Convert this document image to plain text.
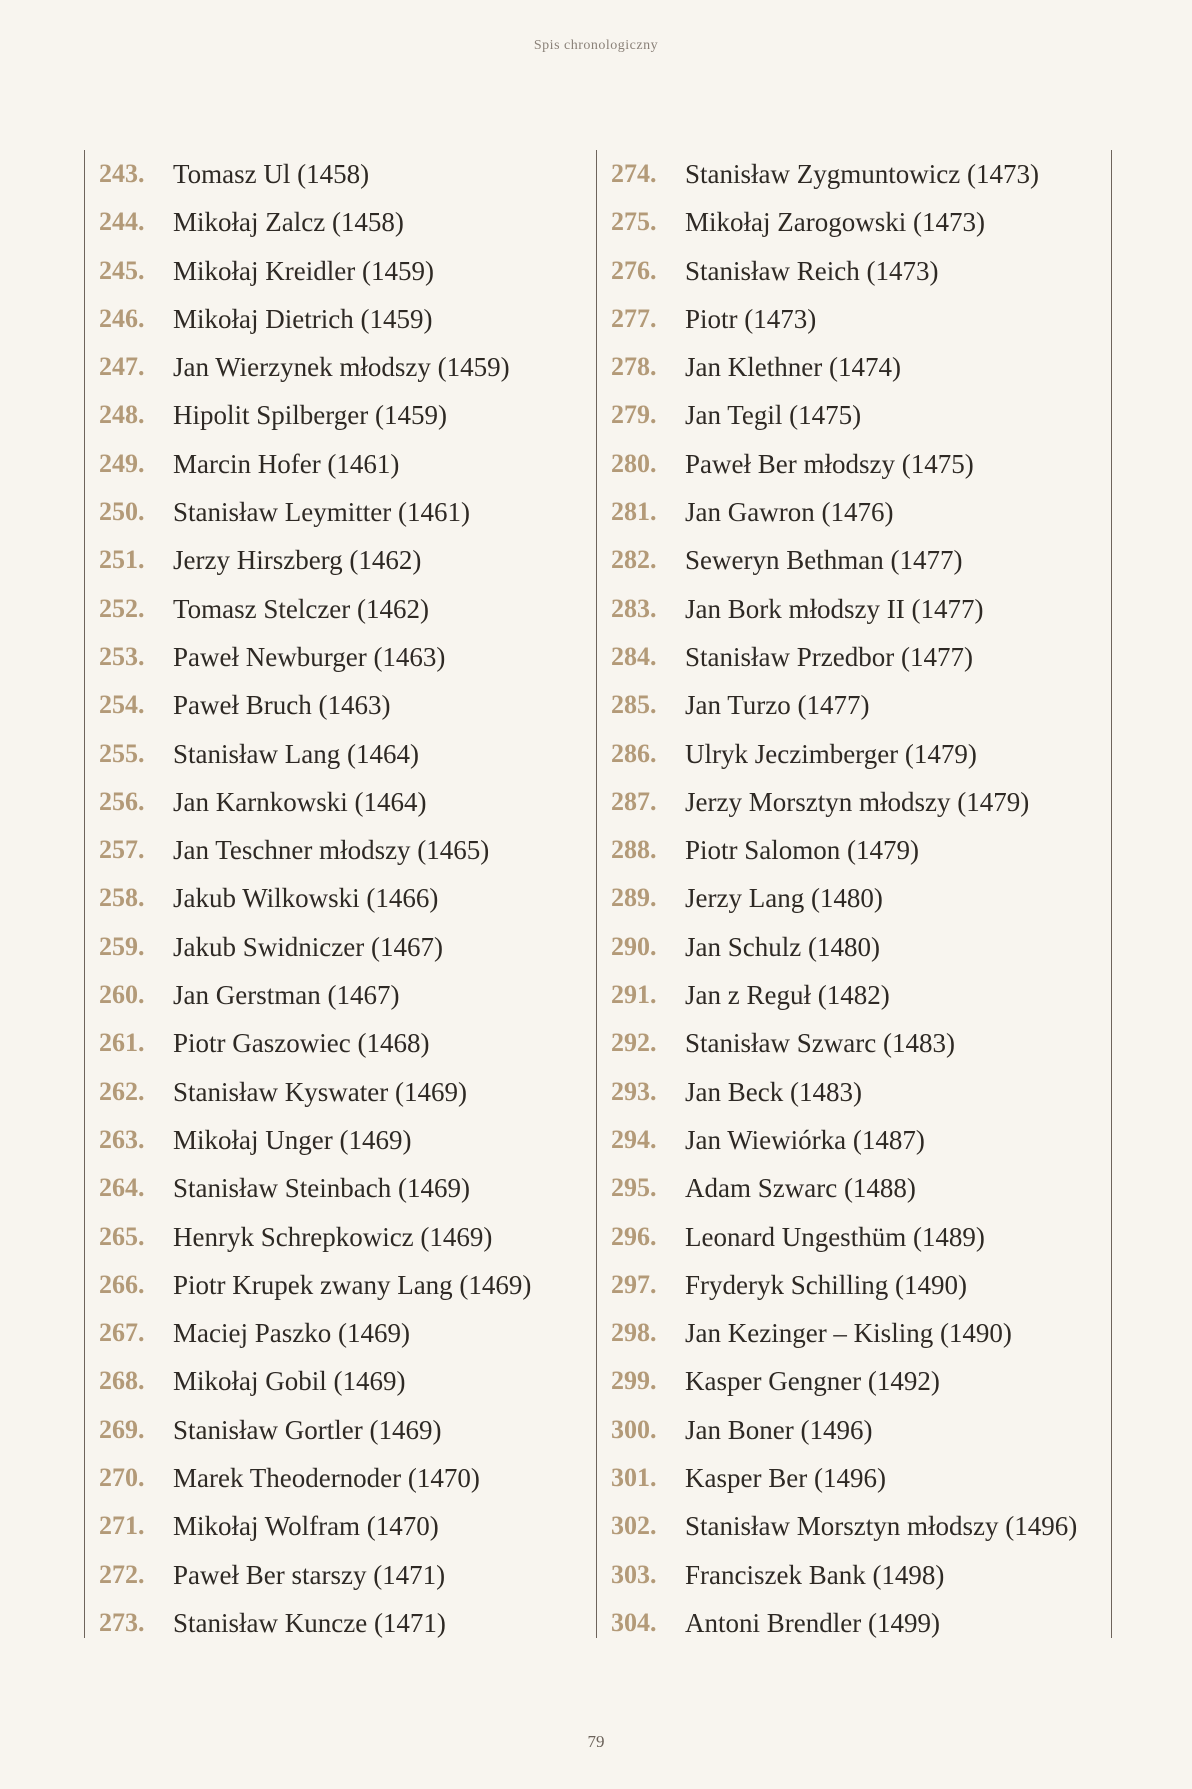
Spis chronologiczny
243.	Tomasz Ul (1458)
244.	Mikołaj Zalcz (1458)
245.	Mikołaj Kreidler (1459)
246.	Mikołaj Dietrich (1459)
247.	Jan Wierzynek młodszy (1459)
248.	Hipolit Spilberger (1459)
249.	Marcin Hofer (1461)
250.	Stanisław Leymitter (1461)
251.	Jerzy Hirszberg (1462)
252.	Tomasz Stelczer (1462)
253.	Paweł Newburger (1463)
254.	Paweł Bruch (1463)
255.	Stanisław Lang (1464)
256.	Jan Karnkowski (1464)
257.	Jan Teschner młodszy (1465)
258.	Jakub Wilkowski (1466)
259.	Jakub Swidniczer (1467)
260.	Jan Gerstman (1467)
261.	Piotr Gaszowiec (1468)
262.	Stanisław Kyswater (1469)
263.	Mikołaj Unger (1469)
264.	Stanisław Steinbach (1469)
265.	Henryk Schrepkowicz (1469)
266.	Piotr Krupek zwany Lang (1469)
267.	Maciej Paszko (1469)
268.	Mikołaj Gobil (1469)
269.	Stanisław Gortler (1469)
270.	Marek Theodernoder (1470)
271.	Mikołaj Wolfram (1470)
272.	Paweł Ber starszy (1471)
273.	Stanisław Kuncze (1471)
274.	Stanisław Zygmuntowicz (1473)
275.	Mikołaj Zarogowski (1473)
276.	Stanisław Reich (1473)
277.	Piotr (1473)
278.	Jan Klethner (1474)
279.	Jan Tegil (1475)
280.	Paweł Ber młodszy (1475)
281.	Jan Gawron (1476)
282.	Seweryn Bethman (1477)
283.	Jan Bork młodszy II (1477)
284.	Stanisław Przedbor (1477)
285.	Jan Turzo (1477)
286.	Ulryk Jeczimberger (1479)
287.	Jerzy Morsztyn młodszy (1479)
288.	Piotr Salomon (1479)
289.	Jerzy Lang (1480)
290.	Jan Schulz (1480)
291.	Jan z Reguł (1482)
292.	Stanisław Szwarc (1483)
293.	Jan Beck (1483)
294.	Jan Wiewiórka (1487)
295.	Adam Szwarc (1488)
296.	Leonard Ungesthüm (1489)
297.	Fryderyk Schilling (1490)
298.	Jan Kezinger – Kisling (1490)
299.	Kasper Gengner (1492)
300.	Jan Boner (1496)
301.	Kasper Ber (1496)
302.	Stanisław Morsztyn młodszy (1496)
303.	Franciszek Bank (1498)
304.	Antoni Brendler (1499)
79
